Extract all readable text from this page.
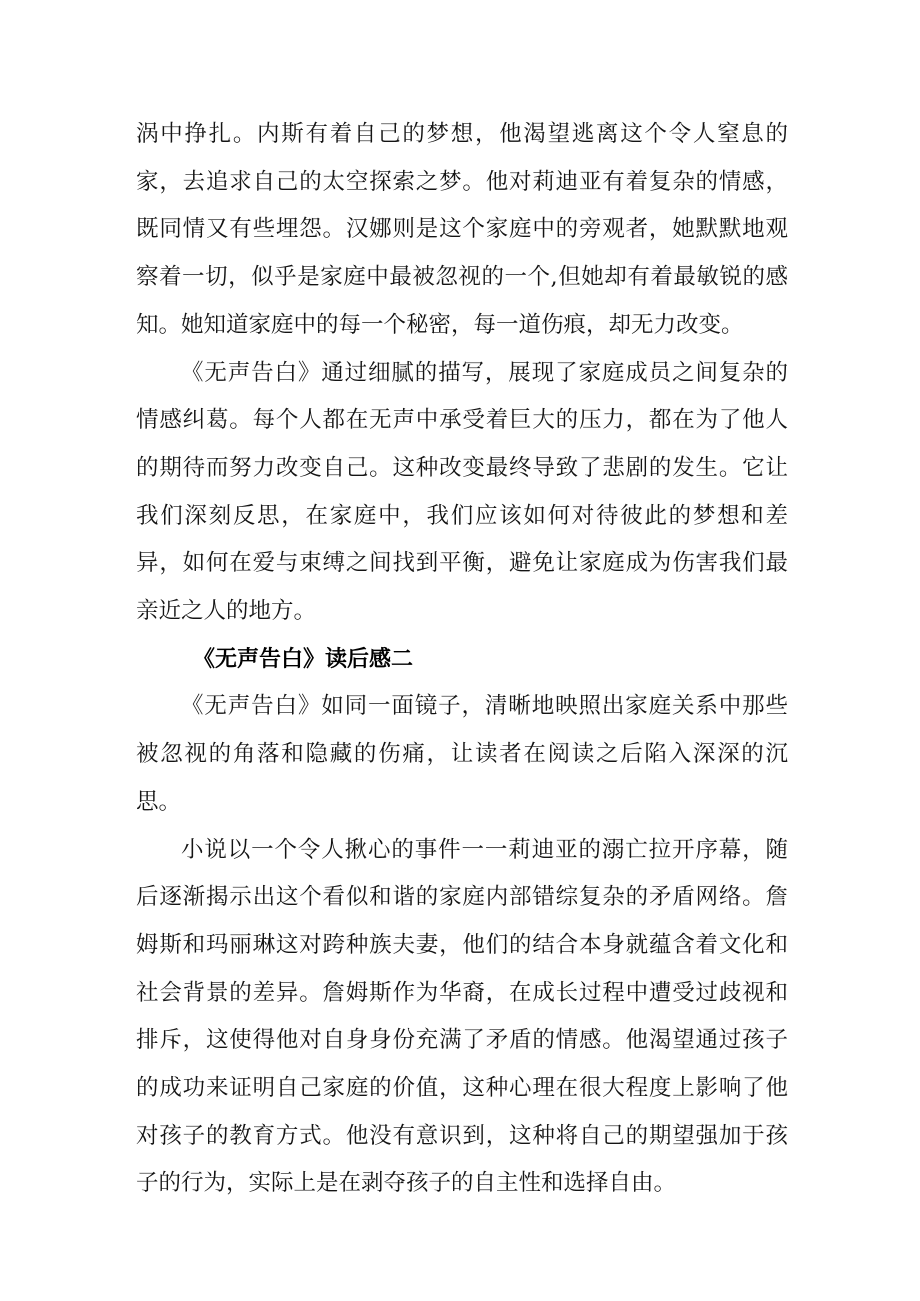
涡中挣扎。内斯有着自己的梦想，他渴望逃离这个令人窒息的家，去追求自己的太空探索之梦。他对莉迪亚有着复杂的情感，既同情又有些埋怨。汉娜则是这个家庭中的旁观者，她默默地观察着一切，似乎是家庭中最被忽视的一个,但她却有着最敏锐的感知。她知道家庭中的每一个秘密，每一道伤痕，却无力改变。

《无声告白》通过细腻的描写，展现了家庭成员之间复杂的情感纠葛。每个人都在无声中承受着巨大的压力，都在为了他人的期待而努力改变自己。这种改变最终导致了悲剧的发生。它让我们深刻反思，在家庭中，我们应该如何对待彼此的梦想和差异，如何在爱与束缚之间找到平衡，避免让家庭成为伤害我们最亲近之人的地方。

《无声告白》读后感二

《无声告白》如同一面镜子，清晰地映照出家庭关系中那些被忽视的角落和隐藏的伤痛，让读者在阅读之后陷入深深的沉思。

小说以一个令人揪心的事件一一莉迪亚的溺亡拉开序幕，随后逐渐揭示出这个看似和谐的家庭内部错综复杂的矛盾网络。詹姆斯和玛丽琳这对跨种族夫妻，他们的结合本身就蕴含着文化和社会背景的差异。詹姆斯作为华裔，在成长过程中遭受过歧视和排斥，这使得他对自身身份充满了矛盾的情感。他渴望通过孩子的成功来证明自己家庭的价值，这种心理在很大程度上影响了他对孩子的教育方式。他没有意识到，这种将自己的期望强加于孩子的行为，实际上是在剥夺孩子的自主性和选择自由。
